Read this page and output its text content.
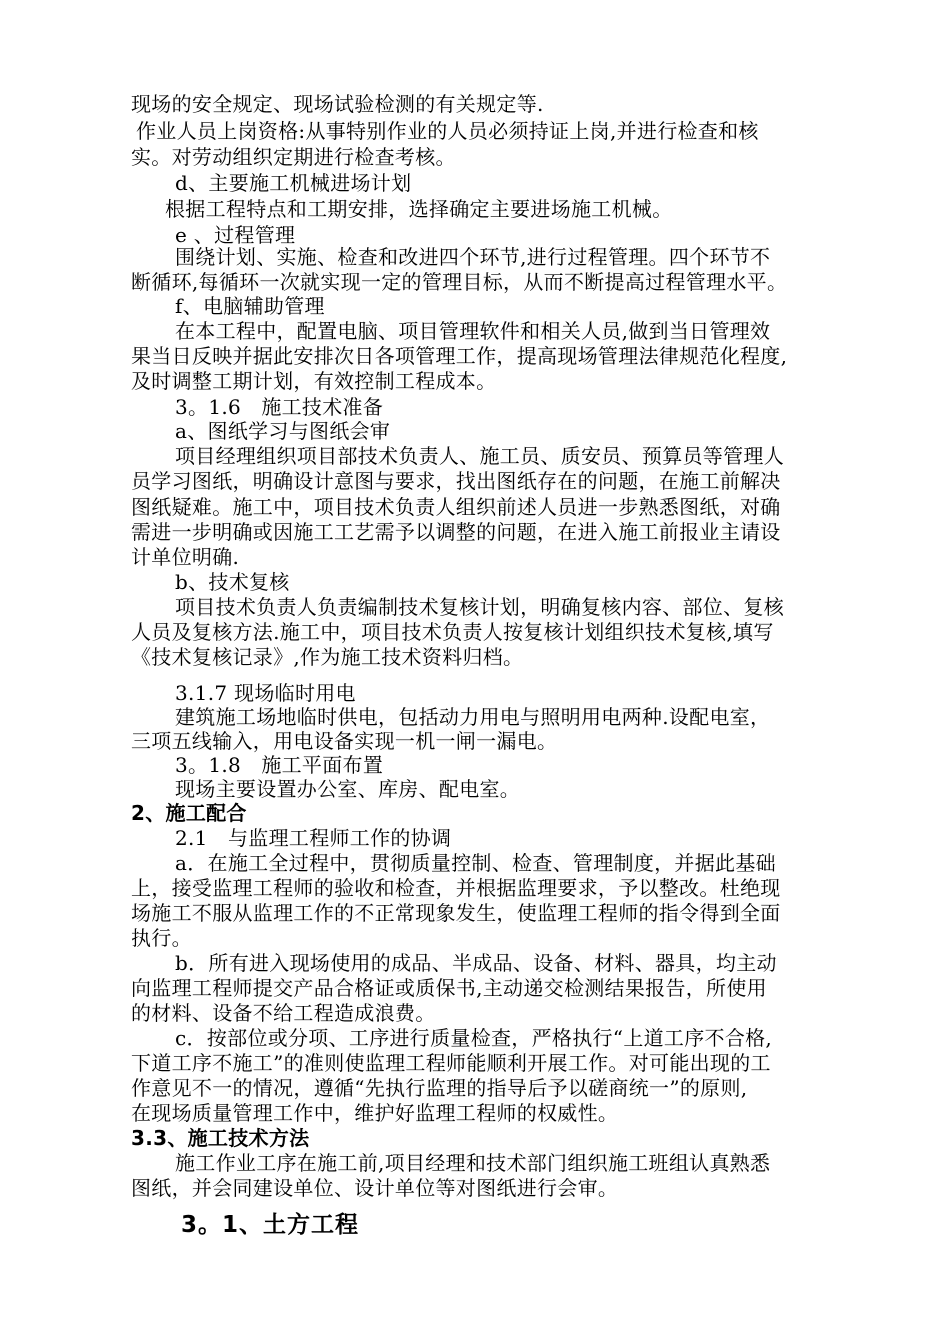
现场的安全规定、现场试验检测的有关规定等.
作业人员上岗资格:从事特别作业的人员必须持证上岗,并进行检查和核
实。对劳动组织定期进行检查考核。
d、主要施工机械进场计划
根据工程特点和工期安排，选择确定主要进场施工机械。
e 、过程管理
围绕计划、实施、检查和改进四个环节,进行过程管理。四个环节不
断循环,每循环一次就实现一定的管理目标，从而不断提高过程管理水平。
f、电脑辅助管理
在本工程中，配置电脑、项目管理软件和相关人员,做到当日管理效
果当日反映并据此安排次日各项管理工作，提高现场管理法律规范化程度,
及时调整工期计划，有效控制工程成本。
3。1.6　施工技术准备
a、图纸学习与图纸会审
项目经理组织项目部技术负责人、施工员、质安员、预算员等管理人
员学习图纸，明确设计意图与要求，找出图纸存在的问题，在施工前解决
图纸疑难。施工中，项目技术负责人组织前述人员进一步熟悉图纸，对确
需进一步明确或因施工工艺需予以调整的问题，在进入施工前报业主请设
计单位明确.
b、技术复核
项目技术负责人负责编制技术复核计划，明确复核内容、部位、复核
人员及复核方法.施工中，项目技术负责人按复核计划组织技术复核,填写
《技术复核记录》,作为施工技术资料归档。
3.1.7 现场临时用电
建筑施工场地临时供电，包括动力用电与照明用电两种.设配电室，
三项五线输入，用电设备实现一机一闸一漏电。
3。1.8　施工平面布置
现场主要设置办公室、库房、配电室。
2、施工配合
2.1　与监理工程师工作的协调
a．在施工全过程中，贯彻质量控制、检查、管理制度，并据此基础
上，接受监理工程师的验收和检查，并根据监理要求，予以整改。杜绝现
场施工不服从监理工作的不正常现象发生，使监理工程师的指令得到全面
执行。
b．所有进入现场使用的成品、半成品、设备、材料、器具，均主动
向监理工程师提交产品合格证或质保书,主动递交检测结果报告，所使用
的材料、设备不给工程造成浪费。
c．按部位或分项、工序进行质量检查，严格执行“上道工序不合格,
下道工序不施工”的准则使监理工程师能顺利开展工作。对可能出现的工
作意见不一的情况，遵循“先执行监理的指导后予以磋商统一”的原则,
在现场质量管理工作中，维护好监理工程师的权威性。
3.3、施工技术方法
施工作业工序在施工前,项目经理和技术部门组织施工班组认真熟悉
图纸，并会同建设单位、设计单位等对图纸进行会审。
3。1、土方工程
